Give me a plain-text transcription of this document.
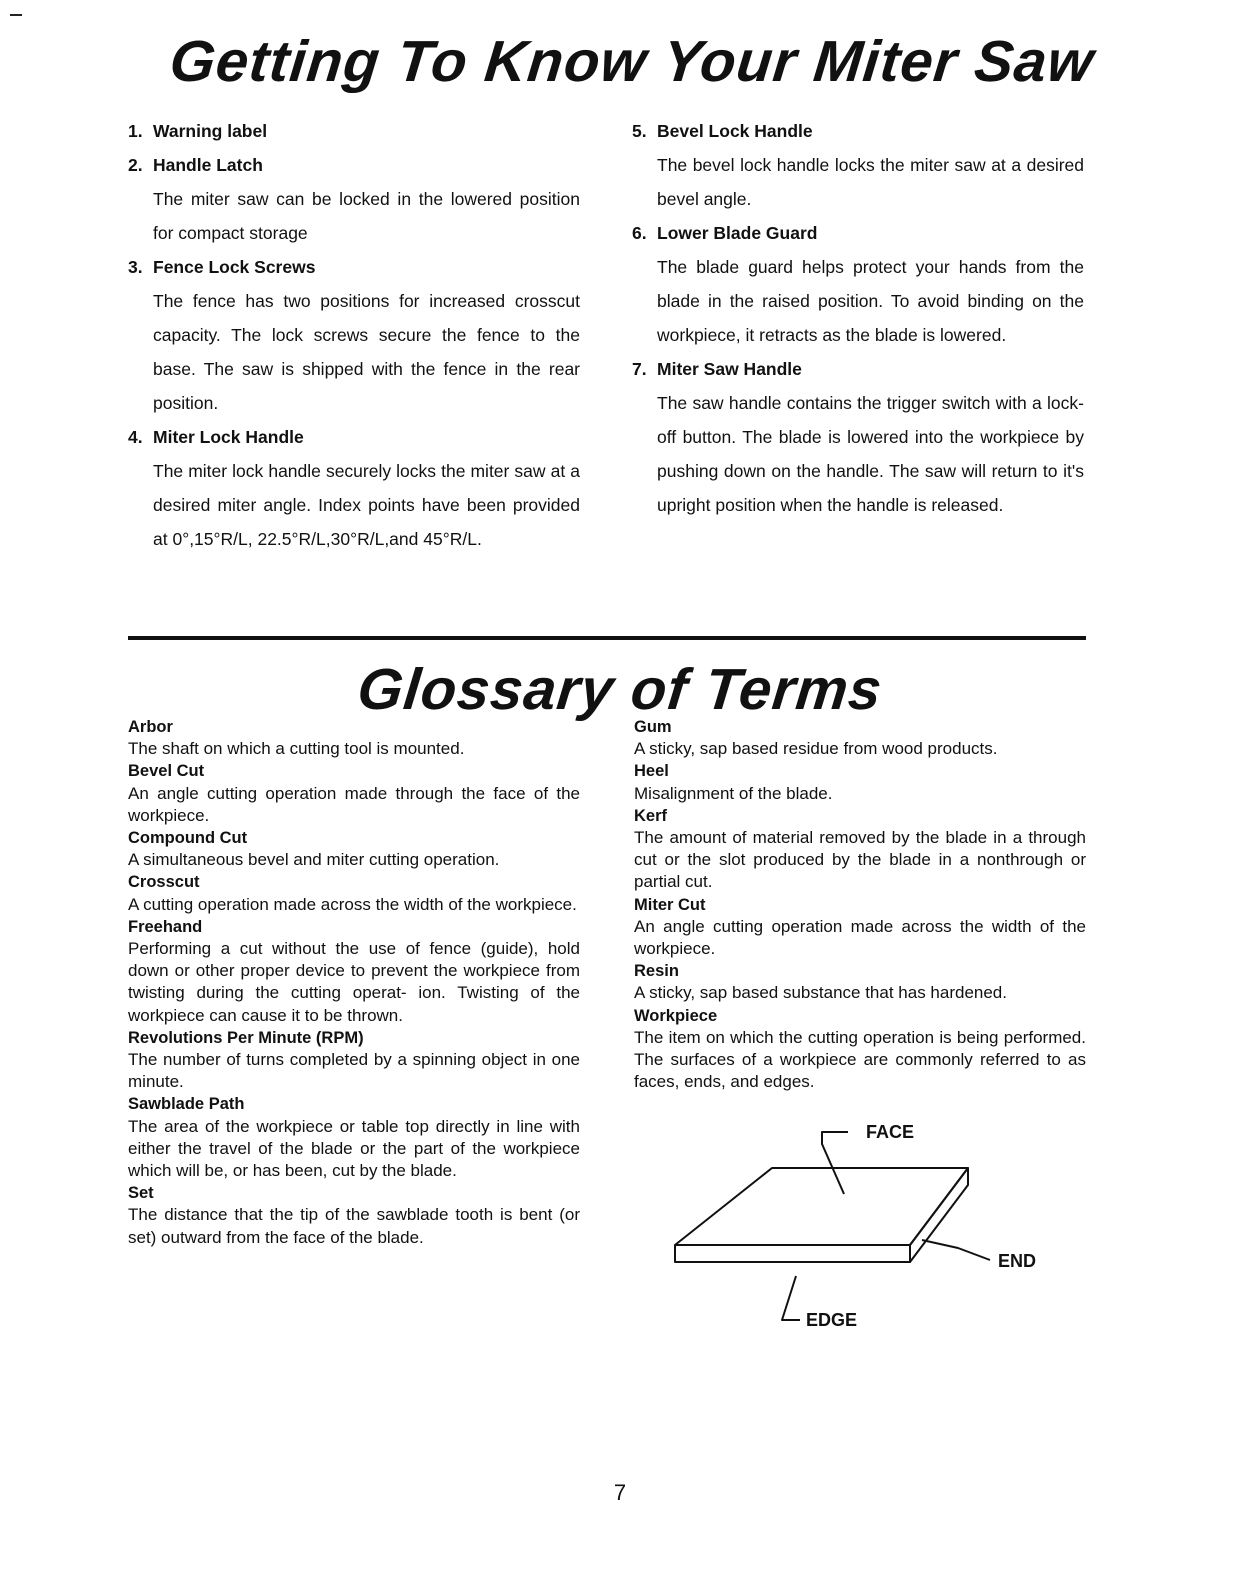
Getting To Know Your Miter Saw
1. Warning label
2. Handle Latch
The miter saw can be locked in the lowered position for compact storage
3. Fence Lock Screws
The fence has two positions for increased crosscut capacity. The lock screws secure the fence to the base. The saw is shipped with the fence in the rear position.
4. Miter Lock Handle
The miter lock handle securely locks the miter saw at a desired miter angle. Index points have been provided at 0°,15°R/L, 22.5°R/L,30°R/L,and 45°R/L.
5. Bevel Lock Handle
The bevel lock handle locks the miter saw at a desired bevel angle.
6. Lower Blade Guard
The blade guard helps protect your hands from the blade in the raised position. To avoid binding on the workpiece, it retracts as the blade is lowered.
7. Miter Saw Handle
The saw handle contains the trigger switch with a lock-off button. The blade is lowered into the workpiece by pushing down on the handle. The saw will return to it's upright position when the handle is released.
Glossary of Terms

Arbor

The shaft on which a cutting tool is mounted.

Bevel Cut

An angle cutting operation made through the face of the workpiece.

Compound Cut

A simultaneous bevel and miter cutting operation.

Crosscut

A cutting operation made across the width of the workpiece.

Freehand

Performing a cut without the use of fence (guide), hold down or other proper device to prevent the workpiece from twisting during the cutting operat- ion. Twisting of the workpiece can cause it to be thrown.

Revolutions Per Minute (RPM)

The number of turns completed by a spinning object in one minute.

Sawblade Path

The area of the workpiece or table top directly in line with either the travel of the blade or the part of the workpiece which will be, or has been, cut by the blade.

Set

The distance that the tip of the sawblade tooth is bent (or set) outward from the face of the blade.

Gum

A sticky, sap based residue from wood products.

Heel

Misalignment of the blade.

Kerf

The amount of material removed by the blade in a through cut or the slot produced by the blade in a nonthrough or partial cut.

Miter Cut

An angle cutting operation made across the width of the workpiece.

Resin

A sticky, sap based substance that has hardened.

Workpiece

The item on which the cutting operation is being performed. The surfaces of a workpiece are commonly referred to as faces, ends, and edges.

FACE
END
EDGE

7
